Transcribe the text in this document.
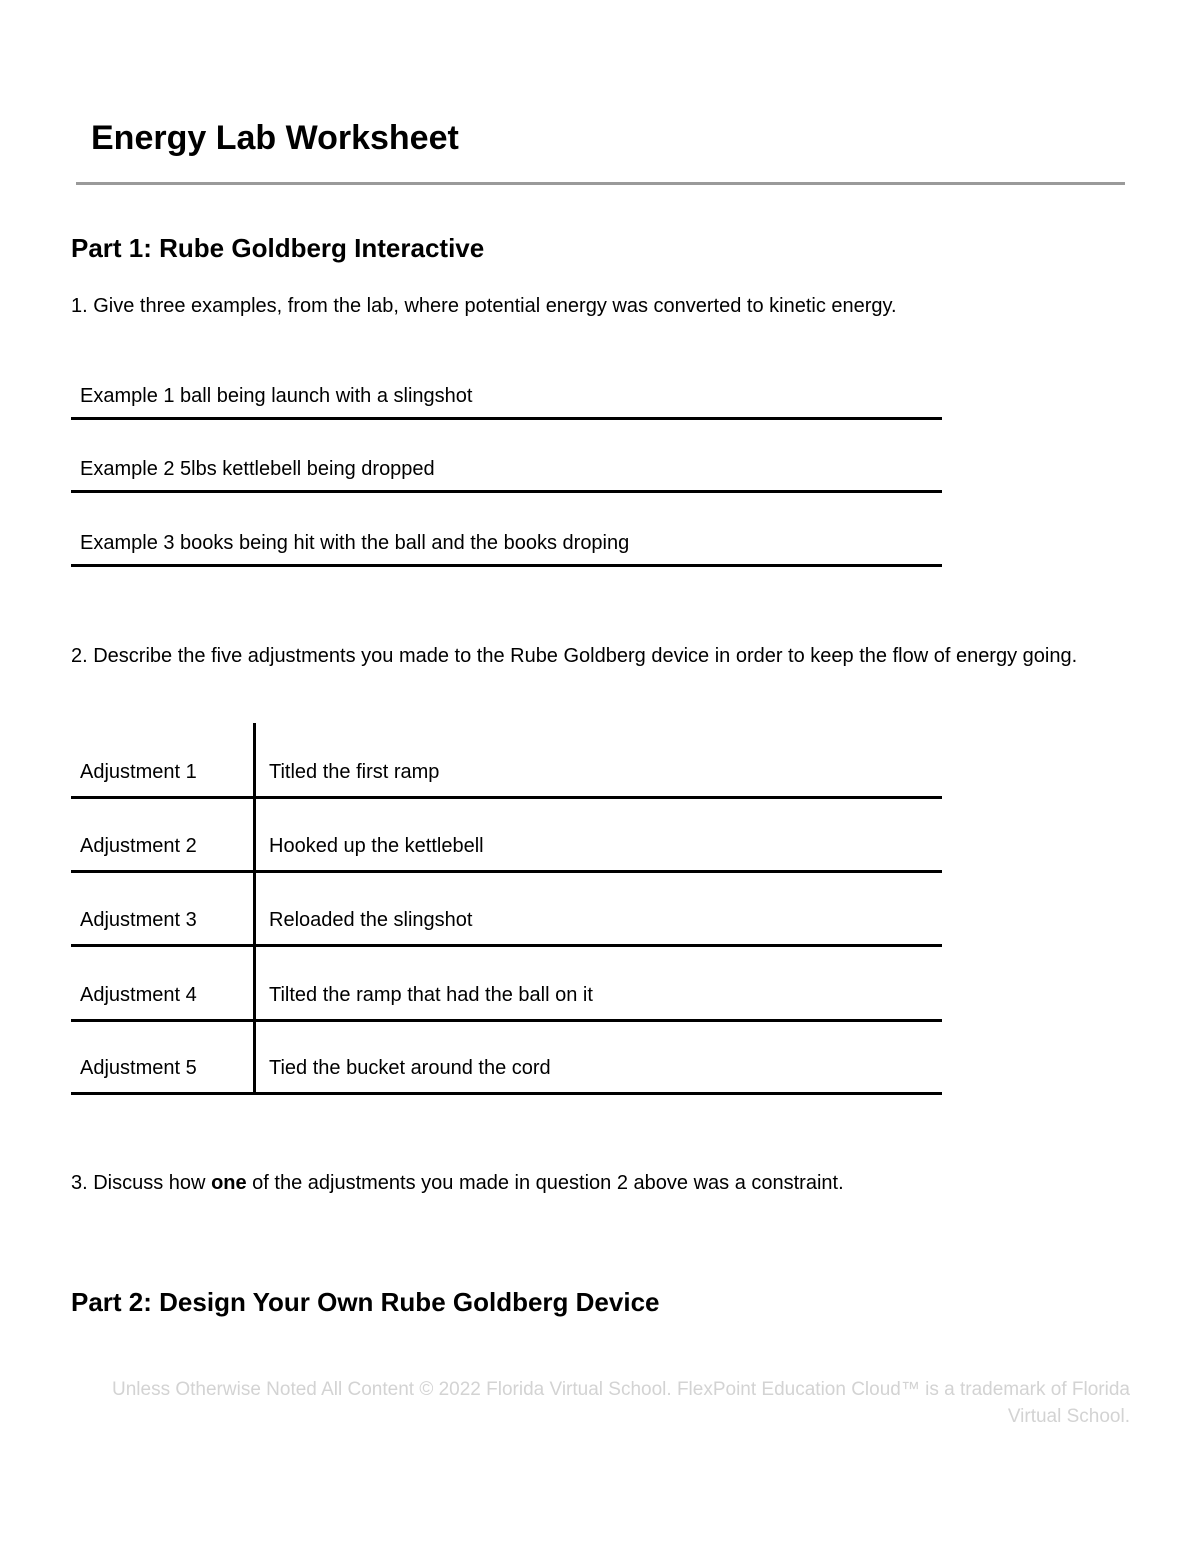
Energy Lab Worksheet
Part 1: Rube Goldberg Interactive

1. Give three examples, from the lab, where potential energy was converted to kinetic energy.

Example 1 ball being launch with a slingshot
Example 2 5lbs kettlebell being dropped
Example 3 books being hit with the ball and the books droping

2. Describe the five adjustments you made to the Rube Goldberg device in order to keep the flow of energy going.

Adjustment 1	Titled the first ramp
Adjustment 2	Hooked up the kettlebell
Adjustment 3	Reloaded the slingshot
Adjustment 4	Tilted the ramp that had the ball on it
Adjustment 5	Tied the bucket around the cord

3. Discuss how one of the adjustments you made in question 2 above was a constraint.

Part 2: Design Your Own Rube Goldberg Device

Unless Otherwise Noted All Content © 2022 Florida Virtual School. FlexPoint Education Cloud™ is a trademark of Florida Virtual School.
